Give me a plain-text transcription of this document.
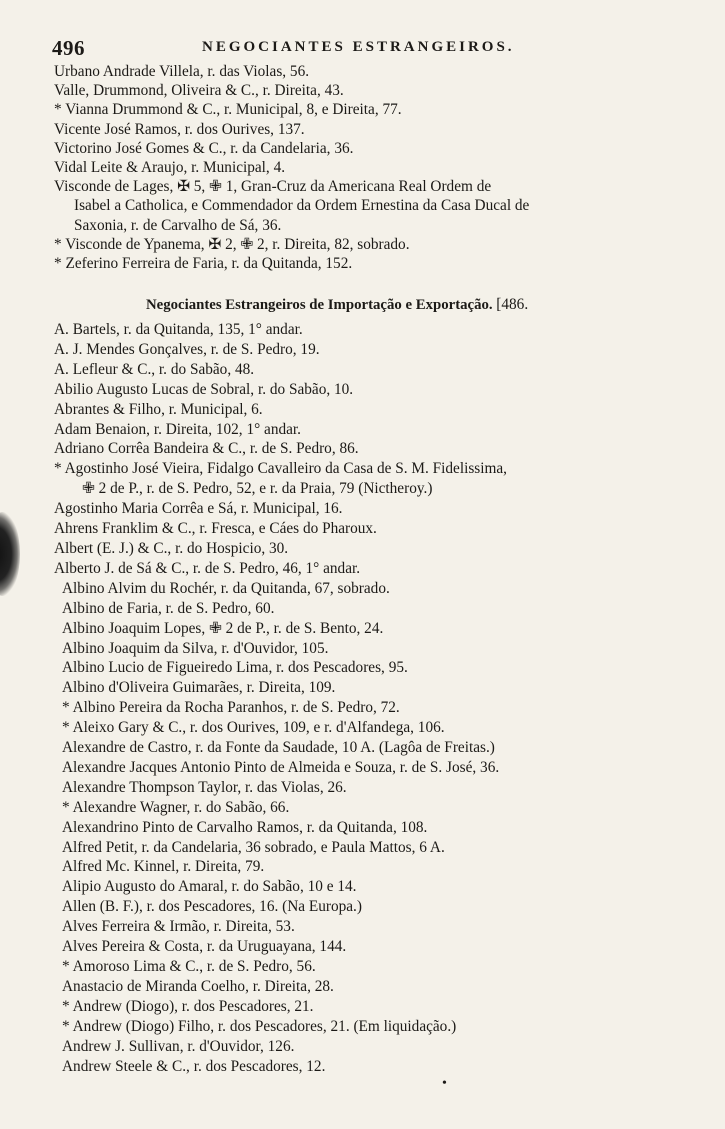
496	NEGOCIANTES ESTRANGEIROS.
Urbano Andrade Villela, r. das Violas, 56.
Valle, Drummond, Oliveira & C., r. Direita, 43.
* Vianna Drummond & C., r. Municipal, 8, e Direita, 77.
Vicente José Ramos, r. dos Ourives, 137.
Victorino José Gomes & C., r. da Candelaria, 36.
Vidal Leite & Araujo, r. Municipal, 4.
Visconde de Lages, ✠ 5, ✙ 1, Gran-Cruz da Americana Real Ordem de
Isabel a Catholica, e Commendador da Ordem Ernestina da Casa Ducal de
Saxonia, r. de Carvalho de Sá, 36.
* Visconde de Ypanema, ✠ 2, ✙ 2, r. Direita, 82, sobrado.
* Zeferino Ferreira de Faria, r. da Quitanda, 152.
Negociantes Estrangeiros de Importação e Exportação. [486.
A. Bartels, r. da Quitanda, 135, 1° andar.
A. J. Mendes Gonçalves, r. de S. Pedro, 19.
A. Lefleur & C., r. do Sabão, 48.
Abilio Augusto Lucas de Sobral, r. do Sabão, 10.
Abrantes & Filho, r. Municipal, 6.
Adam Benaion, r. Direita, 102, 1° andar.
Adriano Corrêa Bandeira & C., r. de S. Pedro, 86.
* Agostinho José Vieira, Fidalgo Cavalleiro da Casa de S. M. Fidelissima,
✙ 2 de P., r. de S. Pedro, 52, e r. da Praia, 79 (Nictheroy.)
Agostinho Maria Corrêa e Sá, r. Municipal, 16.
Ahrens Franklim & C., r. Fresca, e Cáes do Pharoux.
Albert (E. J.) & C., r. do Hospicio, 30.
Alberto J. de Sá & C., r. de S. Pedro, 46, 1° andar.
Albino Alvim du Rochér, r. da Quitanda, 67, sobrado.
Albino de Faria, r. de S. Pedro, 60.
Albino Joaquim Lopes, ✙ 2 de P., r. de S. Bento, 24.
Albino Joaquim da Silva, r. d'Ouvidor, 105.
Albino Lucio de Figueiredo Lima, r. dos Pescadores, 95.
Albino d'Oliveira Guimarães, r. Direita, 109.
* Albino Pereira da Rocha Paranhos, r. de S. Pedro, 72.
* Aleixo Gary & C., r. dos Ourives, 109, e r. d'Alfandega, 106.
Alexandre de Castro, r. da Fonte da Saudade, 10 A. (Lagôa de Freitas.)
Alexandre Jacques Antonio Pinto de Almeida e Souza, r. de S. José, 36.
Alexandre Thompson Taylor, r. das Violas, 26.
* Alexandre Wagner, r. do Sabão, 66.
Alexandrino Pinto de Carvalho Ramos, r. da Quitanda, 108.
Alfred Petit, r. da Candelaria, 36 sobrado, e Paula Mattos, 6 A.
Alfred Mc. Kinnel, r. Direita, 79.
Alipio Augusto do Amaral, r. do Sabão, 10 e 14.
Allen (B. F.), r. dos Pescadores, 16. (Na Europa.)
Alves Ferreira & Irmão, r. Direita, 53.
Alves Pereira & Costa, r. da Uruguayana, 144.
* Amoroso Lima & C., r. de S. Pedro, 56.
Anastacio de Miranda Coelho, r. Direita, 28.
* Andrew (Diogo), r. dos Pescadores, 21.
* Andrew (Diogo) Filho, r. dos Pescadores, 21. (Em liquidação.)
Andrew J. Sullivan, r. d'Ouvidor, 126.
Andrew Steele & C., r. dos Pescadores, 12.
•
